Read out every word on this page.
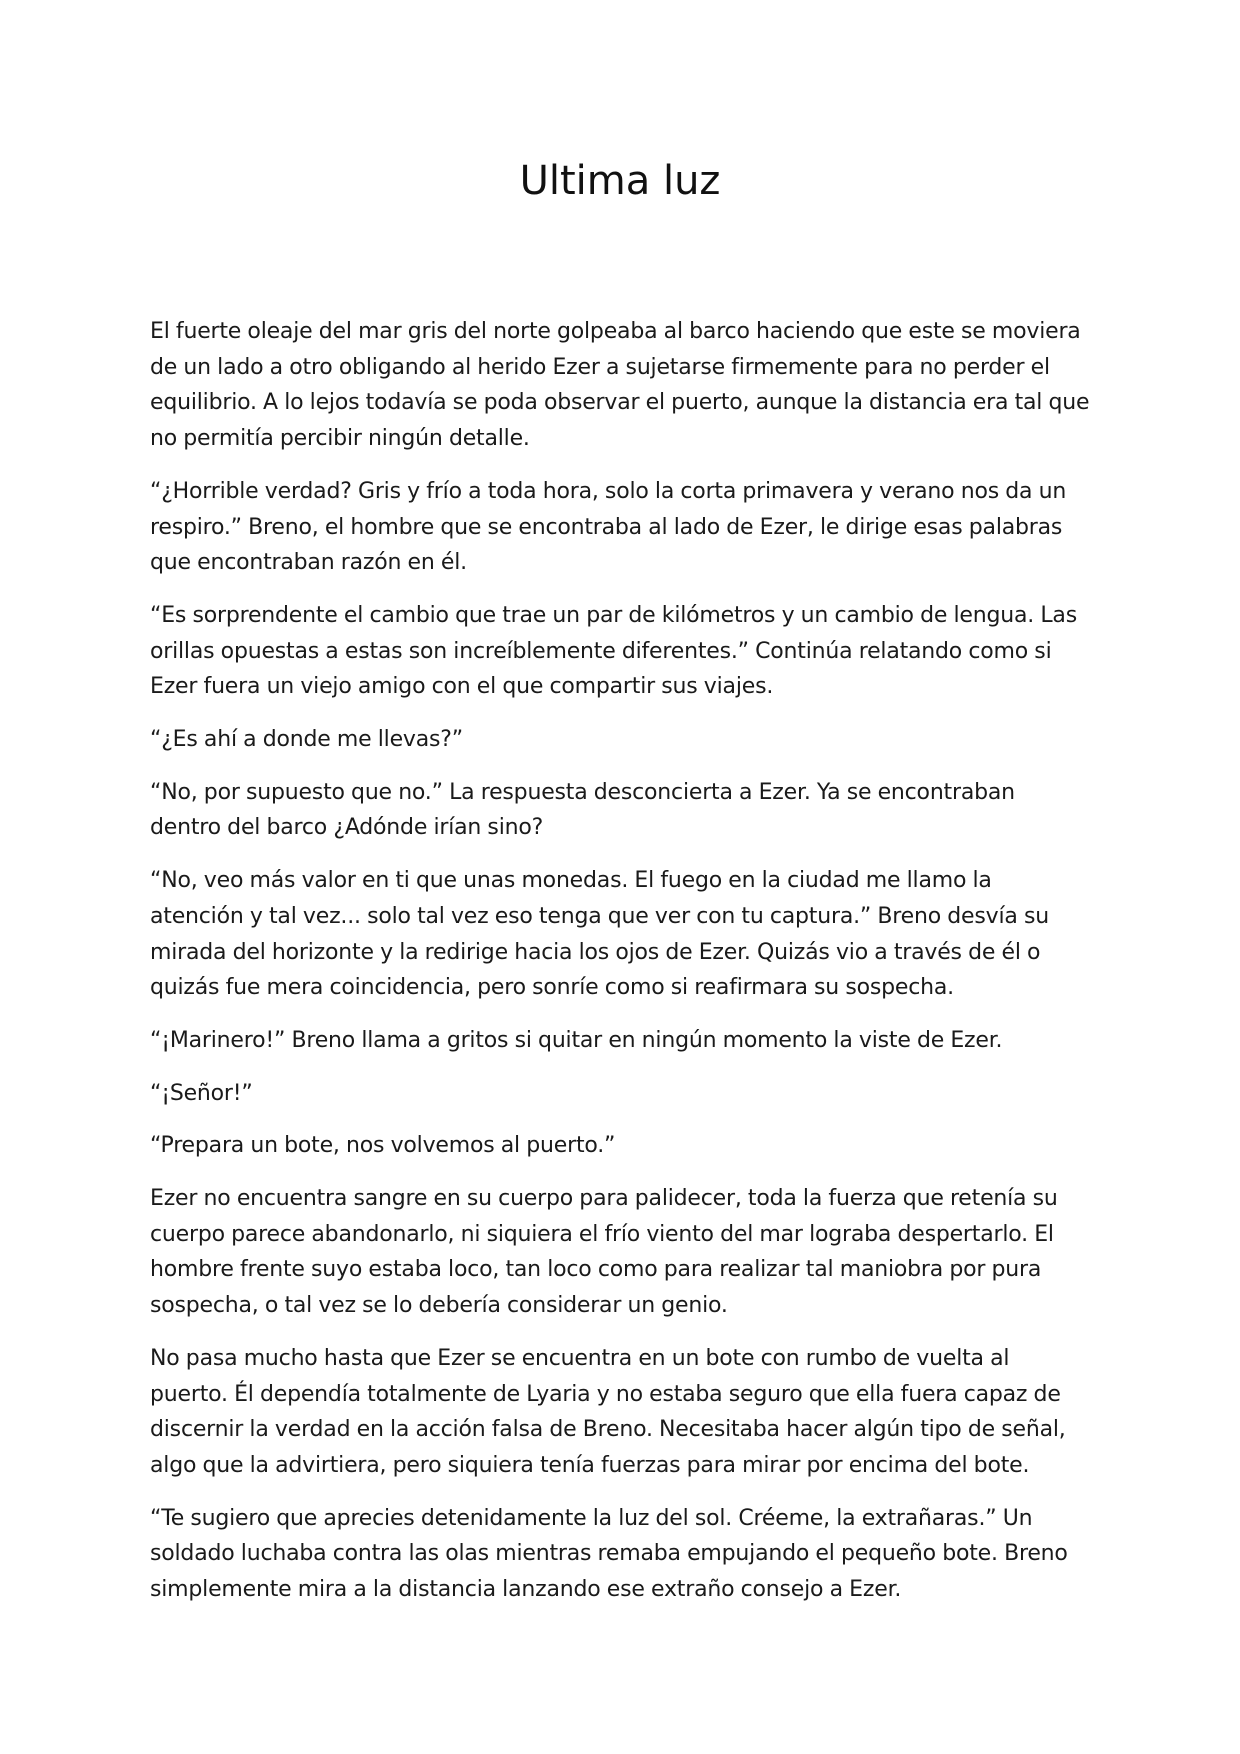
Ultima luz

El fuerte oleaje del mar gris del norte golpeaba al barco haciendo que este se moviera de un lado a otro obligando al herido Ezer a sujetarse firmemente para no perder el equilibrio. A lo lejos todavía se poda observar el puerto, aunque la distancia era tal que no permitía percibir ningún detalle.

“¿Horrible verdad? Gris y frío a toda hora, solo la corta primavera y verano nos da un respiro.” Breno, el hombre que se encontraba al lado de Ezer, le dirige esas palabras que encontraban razón en él.

“Es sorprendente el cambio que trae un par de kilómetros y un cambio de lengua. Las orillas opuestas a estas son increíblemente diferentes.” Continúa relatando como si Ezer fuera un viejo amigo con el que compartir sus viajes.

“¿Es ahí a donde me llevas?”

“No, por supuesto que no.” La respuesta desconcierta a Ezer. Ya se encontraban dentro del barco ¿Adónde irían sino?

“No, veo más valor en ti que unas monedas. El fuego en la ciudad me llamo la atención y tal vez... solo tal vez eso tenga que ver con tu captura.” Breno desvía su mirada del horizonte y la redirige hacia los ojos de Ezer. Quizás vio a través de él o quizás fue mera coincidencia, pero sonríe como si reafirmara su sospecha.

“¡Marinero!” Breno llama a gritos si quitar en ningún momento la viste de Ezer.

“¡Señor!”

“Prepara un bote, nos volvemos al puerto.”

Ezer no encuentra sangre en su cuerpo para palidecer, toda la fuerza que retenía su cuerpo parece abandonarlo, ni siquiera el frío viento del mar lograba despertarlo. El hombre frente suyo estaba loco, tan loco como para realizar tal maniobra por pura sospecha, o tal vez se lo debería considerar un genio.

No pasa mucho hasta que Ezer se encuentra en un bote con rumbo de vuelta al puerto. Él dependía totalmente de Lyaria y no estaba seguro que ella fuera capaz de discernir la verdad en la acción falsa de Breno. Necesitaba hacer algún tipo de señal, algo que la advirtiera, pero siquiera tenía fuerzas para mirar por encima del bote.

“Te sugiero que aprecies detenidamente la luz del sol. Créeme, la extrañaras.” Un soldado luchaba contra las olas mientras remaba empujando el pequeño bote. Breno simplemente mira a la distancia lanzando ese extraño consejo a Ezer.
